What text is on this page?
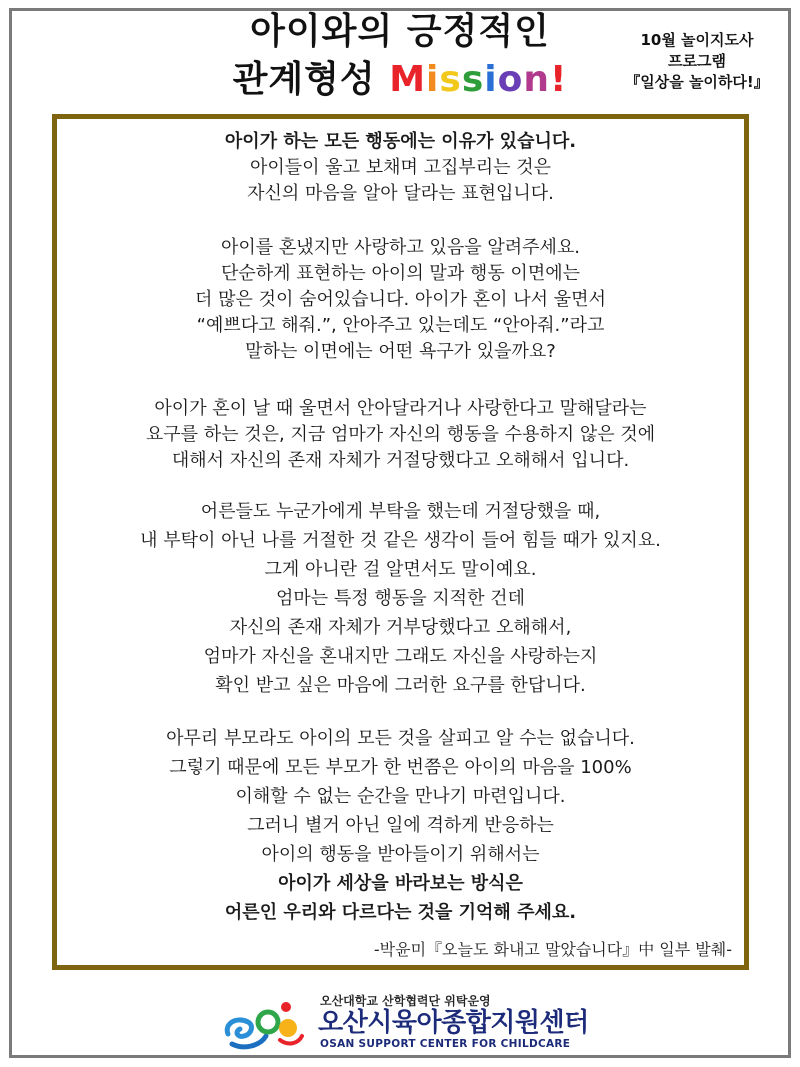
아이와의 긍정적인
관계형성 Mission!
10월 놀이지도사
프로그램
『일상을 놀이하다!』
아이가 하는 모든 행동에는 이유가 있습니다.
아이들이 울고 보채며 고집부리는 것은
자신의 마음을 알아 달라는 표현입니다.
아이를 혼냈지만 사랑하고 있음을 알려주세요.
단순하게 표현하는 아이의 말과 행동 이면에는
더 많은 것이 숨어있습니다. 아이가 혼이 나서 울면서
“예쁘다고 해줘.”, 안아주고 있는데도 “안아줘.”라고
말하는 이면에는 어떤 욕구가 있을까요?
아이가 혼이 날 때 울면서 안아달라거나 사랑한다고 말해달라는
요구를 하는 것은, 지금 엄마가 자신의 행동을 수용하지 않은 것에
대해서 자신의 존재 자체가 거절당했다고 오해해서 입니다.
어른들도 누군가에게 부탁을 했는데 거절당했을 때,
내 부탁이 아닌 나를 거절한 것 같은 생각이 들어 힘들 때가 있지요.
그게 아니란 걸 알면서도 말이예요.
엄마는 특정 행동을 지적한 건데
자신의 존재 자체가 거부당했다고 오해해서,
엄마가 자신을 혼내지만 그래도 자신을 사랑하는지
확인 받고 싶은 마음에 그러한 요구를 한답니다.
아무리 부모라도 아이의 모든 것을 살피고 알 수는 없습니다.
그렇기 때문에 모든 부모가 한 번쯤은 아이의 마음을 100%
이해할 수 없는 순간을 만나기 마련입니다.
그러니 별거 아닌 일에 격하게 반응하는
아이의 행동을 받아들이기 위해서는
아이가 세상을 바라보는 방식은
어른인 우리와 다르다는 것을 기억해 주세요.
-박윤미『오늘도 화내고 말았습니다』中 일부 발췌-
오산대학교 산학협력단 위탁운영
오산시육아종합지원센터
OSAN SUPPORT CENTER FOR CHILDCARE
